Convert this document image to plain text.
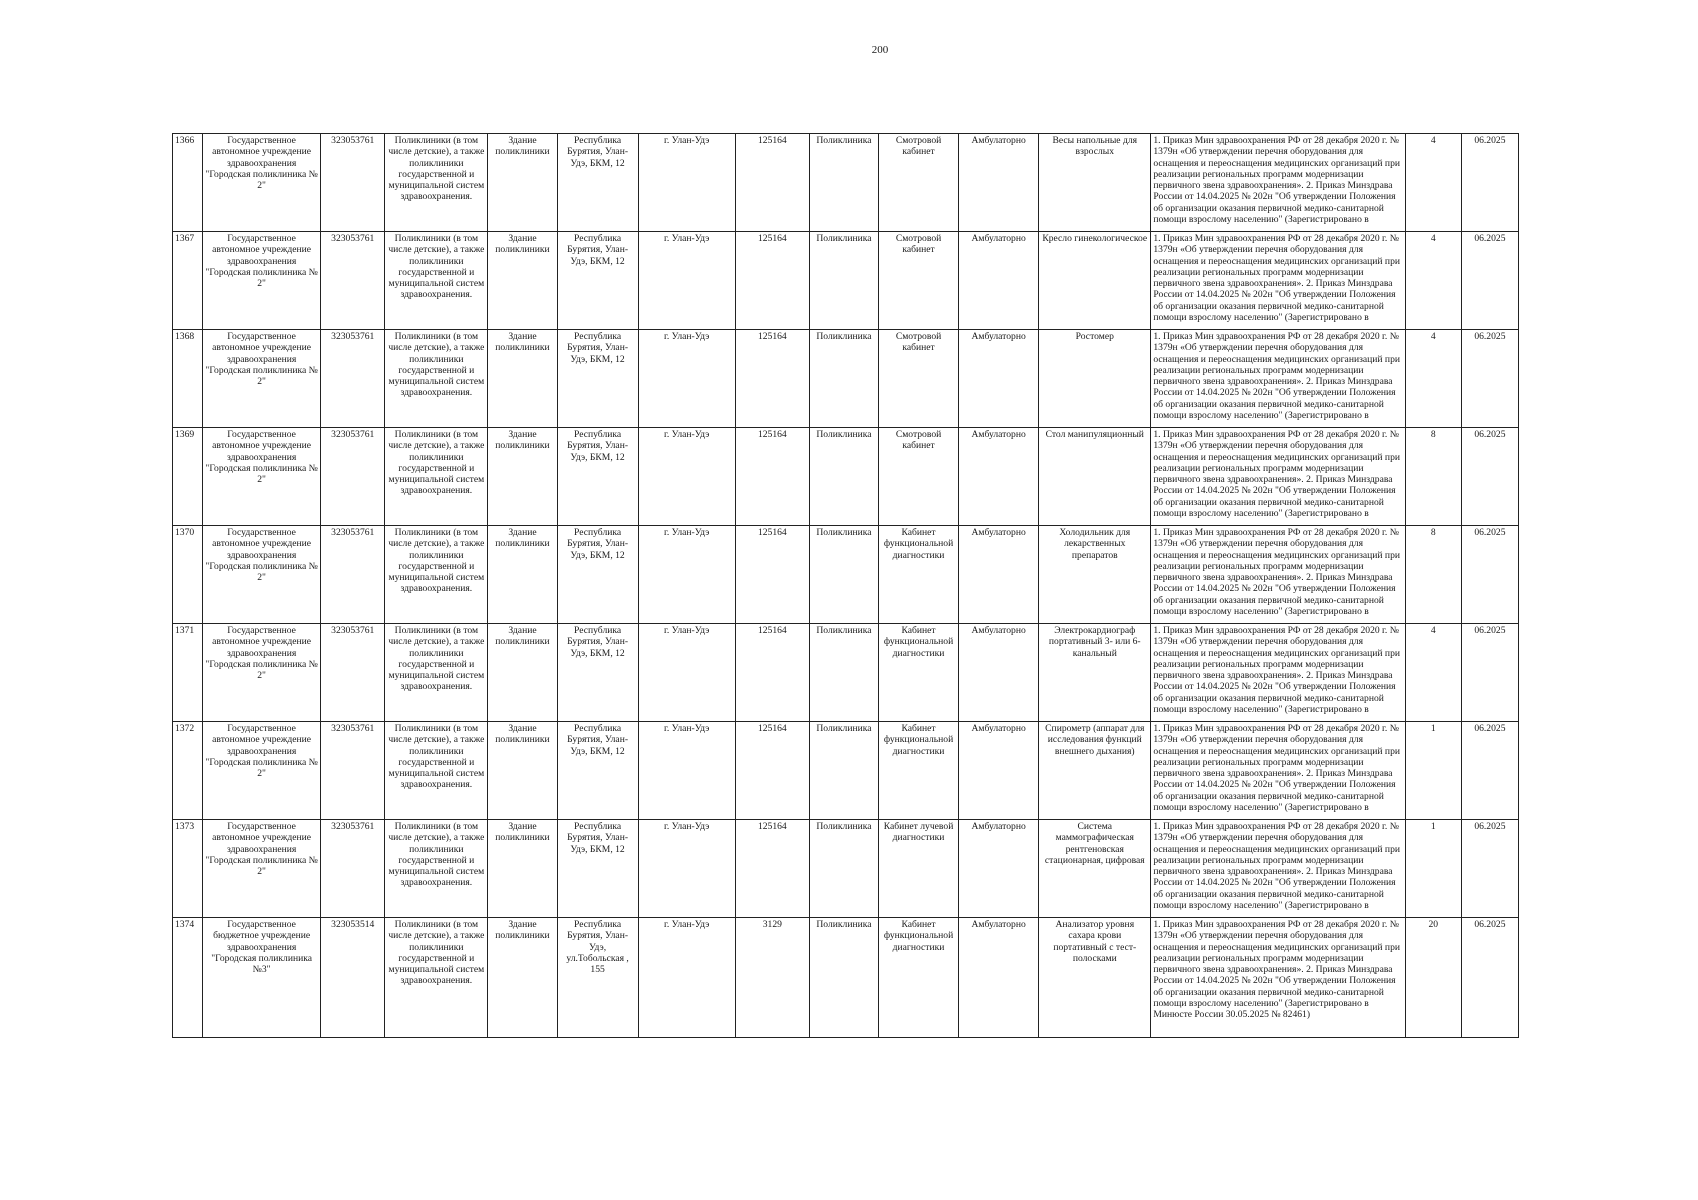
200
1366	Государственное автономное учреждение здравоохранения "Городская поликлиника № 2"	323053761	Поликлиники (в том числе детские), а также поликлиники государственной и муниципальной систем здравоохранения.	Здание поликлиники	Республика Бурятия, Улан-Удэ, БКМ, 12	г. Улан-Удэ	125164	Поликлиника	Смотровой кабинет	Амбулаторно	Весы напольные для взрослых	1. Приказ Мин здравоохранения РФ от 28 декабря 2020 г. № 1379н «Об утверждении перечня оборудования для оснащения и переоснащения медицинских организаций при реализации региональных программ модернизации первичного звена здравоохранения». 2. Приказ Минздрава России от 14.04.2025 № 202н "Об утверждении Положения об организации оказания первичной медико-санитарной помощи взрослому населению" (Зарегистрировано в	4	06.2025
1367	Государственное автономное учреждение здравоохранения "Городская поликлиника № 2"	323053761	Поликлиники (в том числе детские), а также поликлиники государственной и муниципальной систем здравоохранения.	Здание поликлиники	Республика Бурятия, Улан-Удэ, БКМ, 12	г. Улан-Удэ	125164	Поликлиника	Смотровой кабинет	Амбулаторно	Кресло гинекологическое	1. Приказ Мин здравоохранения РФ от 28 декабря 2020 г. № 1379н «Об утверждении перечня оборудования для оснащения и переоснащения медицинских организаций при реализации региональных программ модернизации первичного звена здравоохранения». 2. Приказ Минздрава России от 14.04.2025 № 202н "Об утверждении Положения об организации оказания первичной медико-санитарной помощи взрослому населению" (Зарегистрировано в	4	06.2025
1368	Государственное автономное учреждение здравоохранения "Городская поликлиника № 2"	323053761	Поликлиники (в том числе детские), а также поликлиники государственной и муниципальной систем здравоохранения.	Здание поликлиники	Республика Бурятия, Улан-Удэ, БКМ, 12	г. Улан-Удэ	125164	Поликлиника	Смотровой кабинет	Амбулаторно	Ростомер	1. Приказ Мин здравоохранения РФ от 28 декабря 2020 г. № 1379н «Об утверждении перечня оборудования для оснащения и переоснащения медицинских организаций при реализации региональных программ модернизации первичного звена здравоохранения». 2. Приказ Минздрава России от 14.04.2025 № 202н "Об утверждении Положения об организации оказания первичной медико-санитарной помощи взрослому населению" (Зарегистрировано в	4	06.2025
1369	Государственное автономное учреждение здравоохранения "Городская поликлиника № 2"	323053761	Поликлиники (в том числе детские), а также поликлиники государственной и муниципальной систем здравоохранения.	Здание поликлиники	Республика Бурятия, Улан-Удэ, БКМ, 12	г. Улан-Удэ	125164	Поликлиника	Смотровой кабинет	Амбулаторно	Стол манипуляционный	1. Приказ Мин здравоохранения РФ от 28 декабря 2020 г. № 1379н «Об утверждении перечня оборудования для оснащения и переоснащения медицинских организаций при реализации региональных программ модернизации первичного звена здравоохранения». 2. Приказ Минздрава России от 14.04.2025 № 202н "Об утверждении Положения об организации оказания первичной медико-санитарной помощи взрослому населению" (Зарегистрировано в	8	06.2025
1370	Государственное автономное учреждение здравоохранения "Городская поликлиника № 2"	323053761	Поликлиники (в том числе детские), а также поликлиники государственной и муниципальной систем здравоохранения.	Здание поликлиники	Республика Бурятия, Улан-Удэ, БКМ, 12	г. Улан-Удэ	125164	Поликлиника	Кабинет функциональной диагностики	Амбулаторно	Холодильник для лекарственных препаратов	1. Приказ Мин здравоохранения РФ от 28 декабря 2020 г. № 1379н «Об утверждении перечня оборудования для оснащения и переоснащения медицинских организаций при реализации региональных программ модернизации первичного звена здравоохранения». 2. Приказ Минздрава России от 14.04.2025 № 202н "Об утверждении Положения об организации оказания первичной медико-санитарной помощи взрослому населению" (Зарегистрировано в	8	06.2025
1371	Государственное автономное учреждение здравоохранения "Городская поликлиника № 2"	323053761	Поликлиники (в том числе детские), а также поликлиники государственной и муниципальной систем здравоохранения.	Здание поликлиники	Республика Бурятия, Улан-Удэ, БКМ, 12	г. Улан-Удэ	125164	Поликлиника	Кабинет функциональной диагностики	Амбулаторно	Электрокардиограф портативный 3- или 6-канальный	1. Приказ Мин здравоохранения РФ от 28 декабря 2020 г. № 1379н «Об утверждении перечня оборудования для оснащения и переоснащения медицинских организаций при реализации региональных программ модернизации первичного звена здравоохранения». 2. Приказ Минздрава России от 14.04.2025 № 202н "Об утверждении Положения об организации оказания первичной медико-санитарной помощи взрослому населению" (Зарегистрировано в	4	06.2025
1372	Государственное автономное учреждение здравоохранения "Городская поликлиника № 2"	323053761	Поликлиники (в том числе детские), а также поликлиники государственной и муниципальной систем здравоохранения.	Здание поликлиники	Республика Бурятия, Улан-Удэ, БКМ, 12	г. Улан-Удэ	125164	Поликлиника	Кабинет функциональной диагностики	Амбулаторно	Спирометр (аппарат для исследования функций внешнего дыхания)	1. Приказ Мин здравоохранения РФ от 28 декабря 2020 г. № 1379н «Об утверждении перечня оборудования для оснащения и переоснащения медицинских организаций при реализации региональных программ модернизации первичного звена здравоохранения». 2. Приказ Минздрава России от 14.04.2025 № 202н "Об утверждении Положения об организации оказания первичной медико-санитарной помощи взрослому населению" (Зарегистрировано в	1	06.2025
1373	Государственное автономное учреждение здравоохранения "Городская поликлиника № 2"	323053761	Поликлиники (в том числе детские), а также поликлиники государственной и муниципальной систем здравоохранения.	Здание поликлиники	Республика Бурятия, Улан-Удэ, БКМ, 12	г. Улан-Удэ	125164	Поликлиника	Кабинет лучевой диагностики	Амбулаторно	Система маммографическая рентгеновская стационарная, цифровая	1. Приказ Мин здравоохранения РФ от 28 декабря 2020 г. № 1379н «Об утверждении перечня оборудования для оснащения и переоснащения медицинских организаций при реализации региональных программ модернизации первичного звена здравоохранения». 2. Приказ Минздрава России от 14.04.2025 № 202н "Об утверждении Положения об организации оказания первичной медико-санитарной помощи взрослому населению" (Зарегистрировано в	1	06.2025
1374	Государственное бюджетное учреждение здравоохранения "Городская поликлиника №3"	323053514	Поликлиники (в том числе детские), а также поликлиники государственной и муниципальной систем здравоохранения.	Здание поликлиники	Республика Бурятия, Улан-Удэ, ул.Тобольская , 155	г. Улан-Удэ	3129	Поликлиника	Кабинет функциональной диагностики	Амбулаторно	Анализатор уровня сахара крови портативный с тест-полосками	1. Приказ Мин здравоохранения РФ от 28 декабря 2020 г. № 1379н «Об утверждении перечня оборудования для оснащения и переоснащения медицинских организаций при реализации региональных программ модернизации первичного звена здравоохранения». 2. Приказ Минздрава России от 14.04.2025 № 202н "Об утверждении Положения об организации оказания первичной медико-санитарной помощи взрослому населению" (Зарегистрировано в Минюсте России 30.05.2025 № 82461)	20	06.2025
